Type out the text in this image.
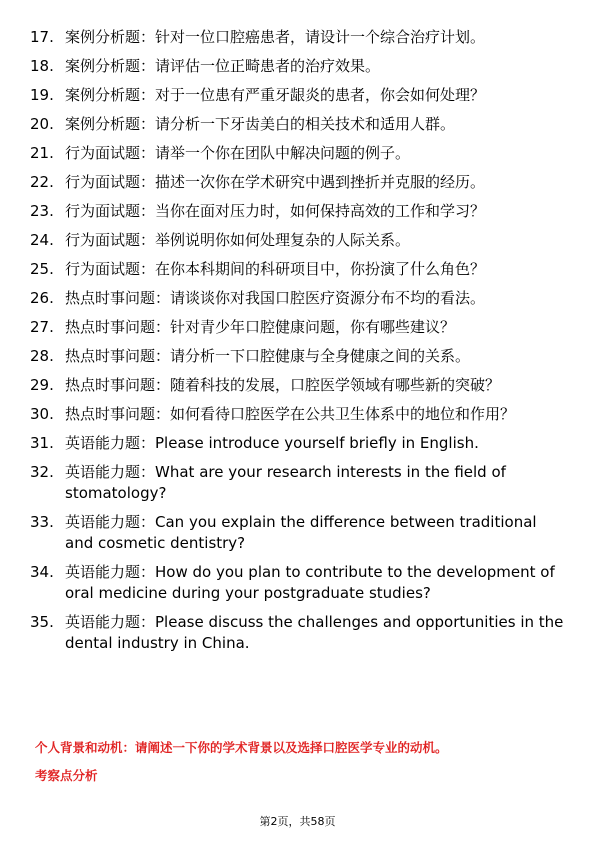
17. 案例分析题：针对一位口腔癌患者，请设计一个综合治疗计划。
18. 案例分析题：请评估一位正畸患者的治疗效果。
19. 案例分析题：对于一位患有严重牙龈炎的患者，你会如何处理？
20. 案例分析题：请分析一下牙齿美白的相关技术和适用人群。
21. 行为面试题：请举一个你在团队中解决问题的例子。
22. 行为面试题：描述一次你在学术研究中遇到挫折并克服的经历。
23. 行为面试题：当你在面对压力时，如何保持高效的工作和学习？
24. 行为面试题：举例说明你如何处理复杂的人际关系。
25. 行为面试题：在你本科期间的科研项目中，你扮演了什么角色？
26. 热点时事问题：请谈谈你对我国口腔医疗资源分布不均的看法。
27. 热点时事问题：针对青少年口腔健康问题，你有哪些建议？
28. 热点时事问题：请分析一下口腔健康与全身健康之间的关系。
29. 热点时事问题：随着科技的发展，口腔医学领域有哪些新的突破？
30. 热点时事问题：如何看待口腔医学在公共卫生体系中的地位和作用？
31. 英语能力题：Please introduce yourself briefly in English.
32. 英语能力题：What are your research interests in the field of stomatology?
33. 英语能力题：Can you explain the difference between traditional and cosmetic dentistry?
34. 英语能力题：How do you plan to contribute to the development of oral medicine during your postgraduate studies?
35. 英语能力题：Please discuss the challenges and opportunities in the dental industry in China.
个人背景和动机：请阐述一下你的学术背景以及选择口腔医学专业的动机。
考察点分析
第2页，共58页
